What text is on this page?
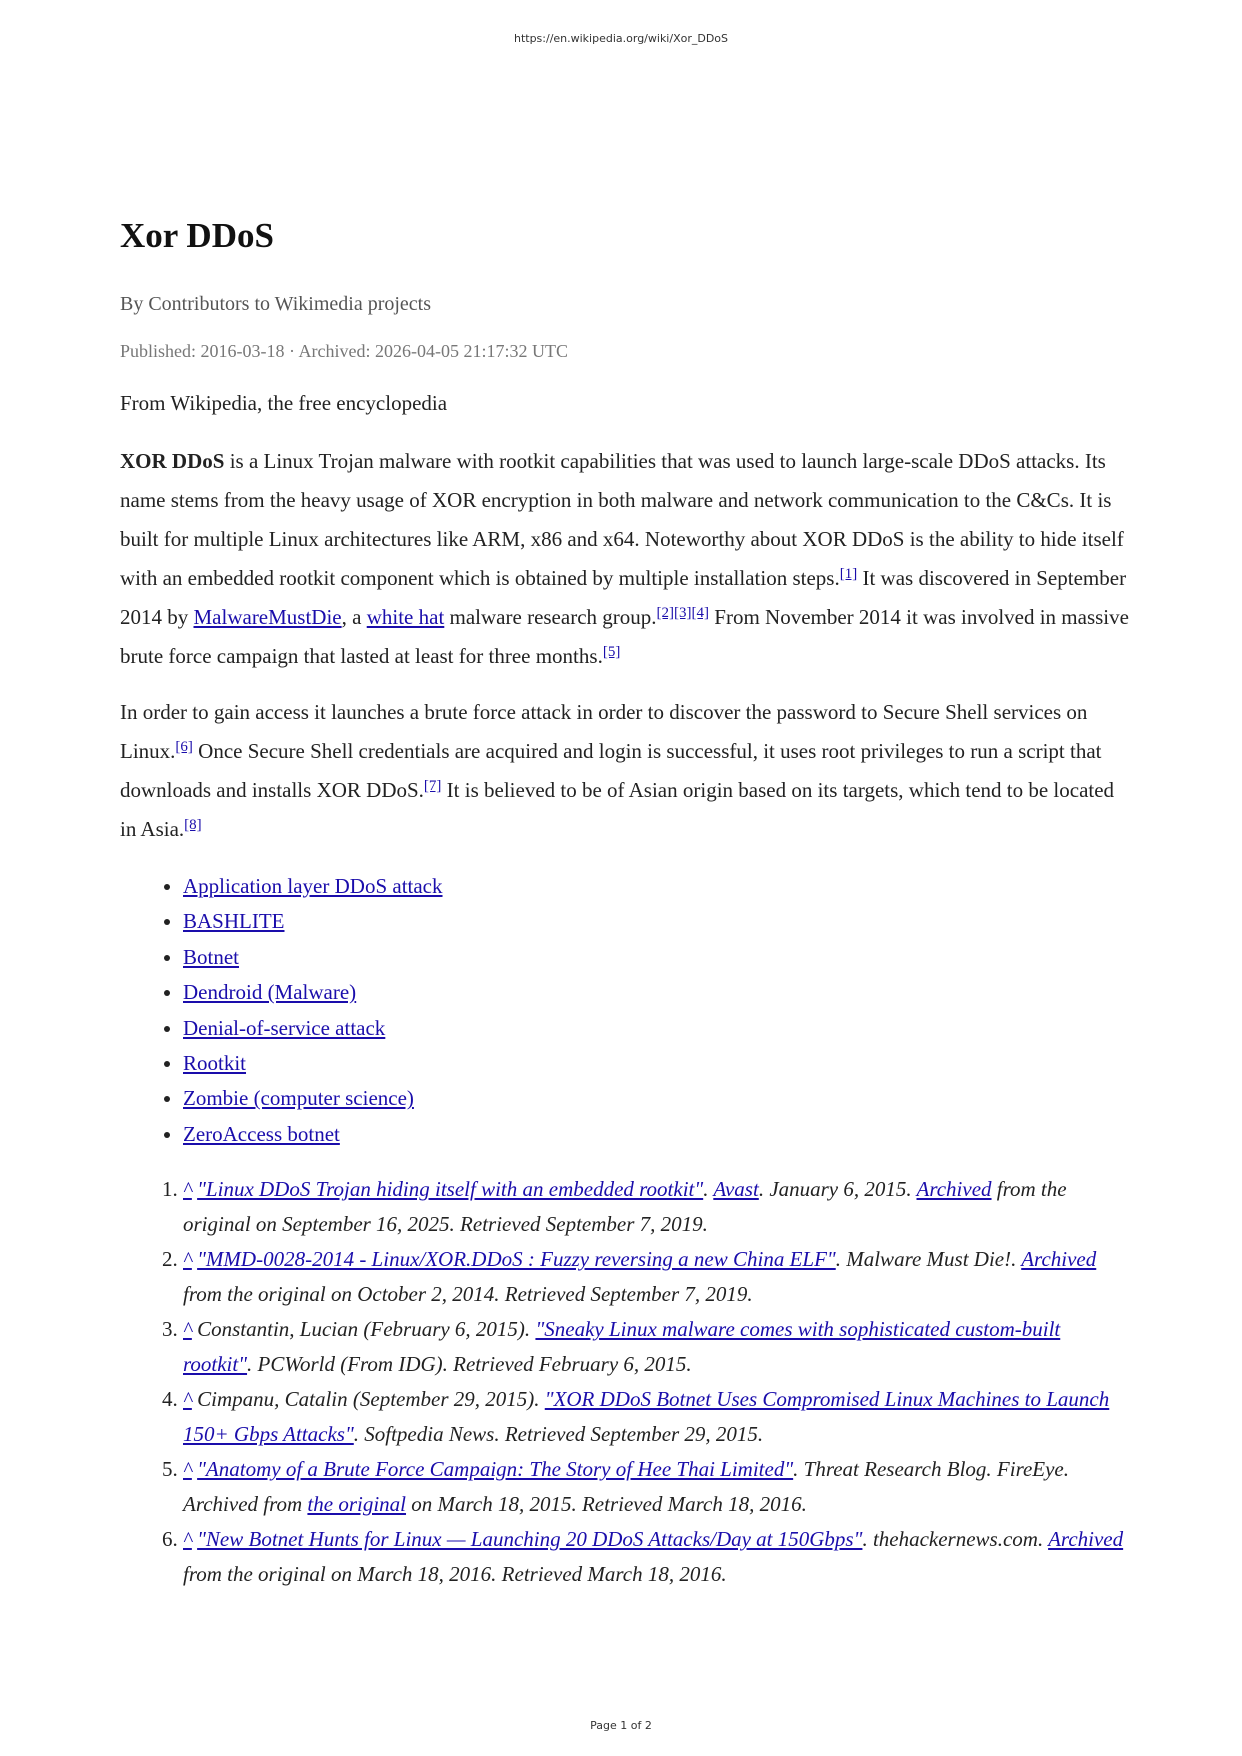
https://en.wikipedia.org/wiki/Xor_DDoS
Xor DDoS
By Contributors to Wikimedia projects
Published: 2016-03-18 · Archived: 2026-04-05 21:17:32 UTC
From Wikipedia, the free encyclopedia

XOR DDoS is a Linux Trojan malware with rootkit capabilities that was used to launch large-scale DDoS attacks. Its name stems from the heavy usage of XOR encryption in both malware and network communication to the C&Cs. It is built for multiple Linux architectures like ARM, x86 and x64. Noteworthy about XOR DDoS is the ability to hide itself with an embedded rootkit component which is obtained by multiple installation steps.[1] It was discovered in September 2014 by MalwareMustDie, a white hat malware research group.[2][3][4] From November 2014 it was involved in massive brute force campaign that lasted at least for three months.[5]

In order to gain access it launches a brute force attack in order to discover the password to Secure Shell services on Linux.[6] Once Secure Shell credentials are acquired and login is successful, it uses root privileges to run a script that downloads and installs XOR DDoS.[7] It is believed to be of Asian origin based on its targets, which tend to be located in Asia.[8]

• Application layer DDoS attack
• BASHLITE
• Botnet
• Dendroid (Malware)
• Denial-of-service attack
• Rootkit
• Zombie (computer science)
• ZeroAccess botnet
1. ^ "Linux DDoS Trojan hiding itself with an embedded rootkit". Avast. January 6, 2015. Archived from the original on September 16, 2025. Retrieved September 7, 2019.
2. ^ "MMD-0028-2014 - Linux/XOR.DDoS : Fuzzy reversing a new China ELF". Malware Must Die!. Archived from the original on October 2, 2014. Retrieved September 7, 2019.
3. ^ Constantin, Lucian (February 6, 2015). "Sneaky Linux malware comes with sophisticated custom-built rootkit". PCWorld (From IDG). Retrieved February 6, 2015.
4. ^ Cimpanu, Catalin (September 29, 2015). "XOR DDoS Botnet Uses Compromised Linux Machines to Launch 150+ Gbps Attacks". Softpedia News. Retrieved September 29, 2015.
5. ^ "Anatomy of a Brute Force Campaign: The Story of Hee Thai Limited". Threat Research Blog. FireEye. Archived from the original on March 18, 2015. Retrieved March 18, 2016.
6. ^ "New Botnet Hunts for Linux — Launching 20 DDoS Attacks/Day at 150Gbps". thehackernews.com. Archived from the original on March 18, 2016. Retrieved March 18, 2016.
Page 1 of 2
